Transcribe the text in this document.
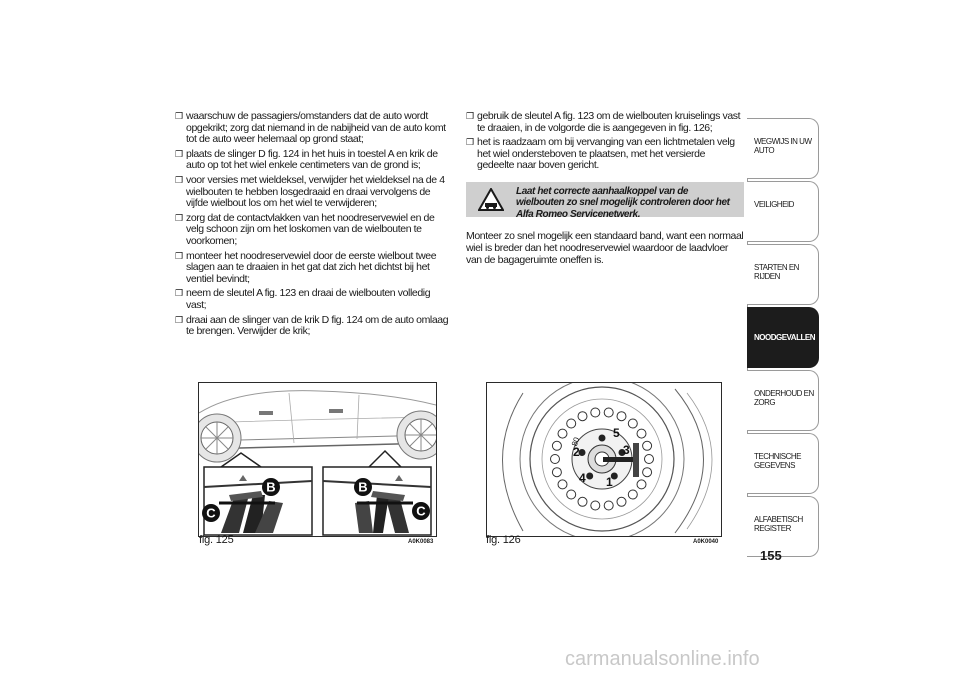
❒ waarschuw de passagiers/omstanders dat de auto wordt opgekrikt; zorg dat niemand in de nabijheid van de auto komt tot de auto weer helemaal op grond staat;

❒ plaats de slinger D fig. 124 in het huis in toestel A en krik de auto op tot het wiel enkele centimeters van de grond is;

❒ voor versies met wieldeksel, verwijder het wieldeksel na de 4 wielbouten te hebben losgedraaid en draai vervolgens de vijfde wielbout los om het wiel te verwijderen;

❒ zorg dat de contactvlakken van het noodreservewiel en de velg schoon zijn om het loskomen van de wielbouten te voorkomen;

❒ monteer het noodreservewiel door de eerste wielbout twee slagen aan te draaien in het gat dat zich het dichtst bij het ventiel bevindt;

❒ neem de sleutel A fig. 123 en draai de wielbouten volledig vast;

❒ draai aan de slinger van de krik D fig. 124 om de auto omlaag te brengen. Verwijder de krik;

❒ gebruik de sleutel A fig. 123 om de wielbouten kruiselings vast te draaien, in de volgorde die is aangegeven in fig. 126;

❒ het is raadzaam om bij vervanging van een lichtmetalen velg het wiel ondersteboven te plaatsen, met het versierde gedeelte naar boven gericht.

Laat het correcte aanhaalkoppel van de wielbouten zo snel mogelijk controleren door het Alfa Romeo Servicenetwerk.

Monteer zo snel mogelijk een standaard band, want een normaal wiel is breder dan het noodreservewiel waardoor de laadvloer van de bagageruimte oneffen is.

B
C
B
C
fig. 125	A0K0083
5
2	3
4 1
80
fig. 126	A0K0040
WEGWIJS IN UW AUTO
VEILIGHEID
STARTEN EN RIJDEN
NOODGEVALLEN
ONDERHOUD EN ZORG
TECHNISCHE GEGEVENS
ALFABETISCH REGISTER
155
carmanualsonline.info
